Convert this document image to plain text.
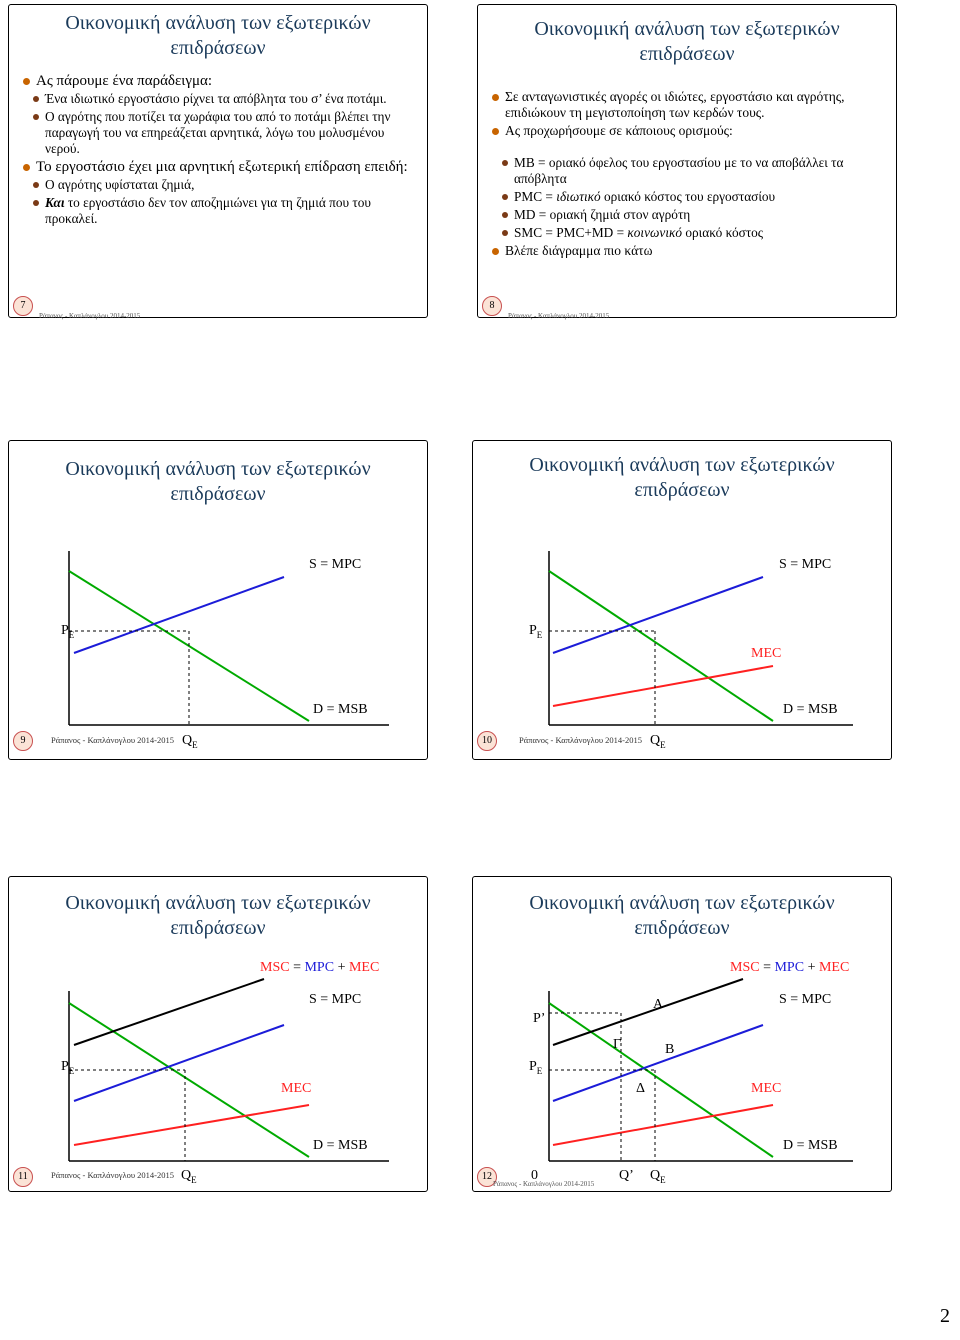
Οικονομική ανάλυση των εξωτερικών
επιδράσεων
Ας πάρουμε ένα παράδειγμα:
Ένα ιδιωτικό εργοστάσιο ρίχνει τα απόβλητα του σ’ ένα ποτάμι.
Ο αγρότης που ποτίζει τα χωράφια του από το ποτάμι βλέπει την παραγωγή του να επηρεάζεται αρνητικά, λόγω του μολυσμένου νερού.
Το εργοστάσιο έχει μια αρνητική εξωτερική επίδραση επειδή:
Ο αγρότης υφίσταται ζημιά,
Και το εργοστάσιο δεν τον αποζημιώνει για τη ζημιά που του προκαλεί.
7
Ράπανος - Καπλάνογλου 2014-2015
Οικονομική ανάλυση των εξωτερικών
επιδράσεων
Σε ανταγωνιστικές αγορές οι ιδιώτες, εργοστάσιο και αγρότης, επιδιώκουν τη μεγιστοποίηση των κερδών τους.
Ας προχωρήσουμε σε κάποιους ορισμούς:
ΜΒ = οριακό όφελος του εργοστασίου με το να αποβάλλει τα απόβλητα
PMC = ιδιωτικό οριακό κόστος του εργοστασίου
MD = οριακή ζημιά στον αγρότη
SMC = PMC+MD = κοινωνικό οριακό κόστος
Βλέπε διάγραμμα πιο κάτω
8
Ράπανος - Καπλάνογλου 2014-2015
Οικονομική ανάλυση των εξωτερικών
επιδράσεων
S = MPC
$P_E$
D = MSB
$Q_E$
9	Ράπανος - Καπλάνογλου 2014-2015
Οικονομική ανάλυση των εξωτερικών
επιδράσεων
S = MPC
$P_E$
MEC
D = MSB
$Q_E$
10	Ράπανος - Καπλάνογλου 2014-2015
Οικονομική ανάλυση των εξωτερικών
επιδράσεων
MSC = MPC + MEC
S = MPC
$P_E$
MEC
D = MSB
$Q_E$
11	Ράπανος - Καπλάνογλου 2014-2015
Οικονομική ανάλυση των εξωτερικών
επιδράσεων
MSC = MPC + MEC
S = MPC
Α
P’
Γ	Β
$P_E$
Δ	MEC
D = MSB
0	Q’ $Q_E$
12
Ράπανος - Καπλάνογλου 2014-2015
2
